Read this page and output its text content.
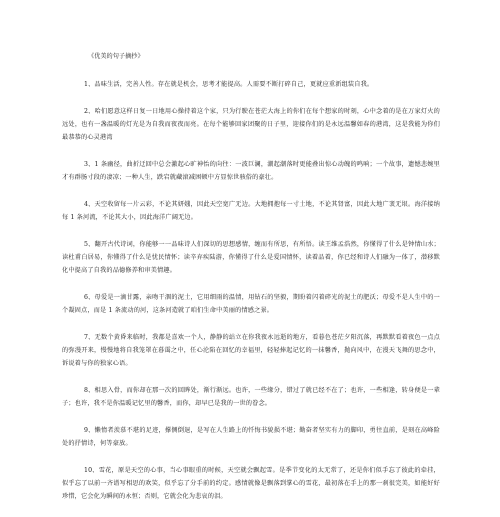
《优美的句子摘抄》

1、品味生活，完善人性。存在就是机会，思考才能提高。人需要不断打碎自己，更就应重新组装自我。

2、哈们愿意这样日复一日地用心操持着这个家，只为行駛在苍茫大海上的你们在每个想家的时刻，心中念着的是在万家灯火的远处，也有一盏温暖的灯光是为自我而夜夜而亮。在每个能够回家团聚的日子里，迎接你们的是永远温馨如春的港湾，这是我能为你们最恭恭的心灵港湾

3、1 条幽径，曲折迂回中总会激起心旷神怡的向往：一波巨澜，潮起潮落时更能叠出惊心动魄的鸣响；一个故事，遗憾悲婉里才有群肠寸段的凄凉；一种人生，跌宕就藏滚减困顿中方显惊世骇俗的豪壮。

4、天空收留每一片云彩，不论其妍媸，因此天空宽广无边。大地拥抱每一寸土地，不论其肾富，因此大地广袤无垠。海洋接纳每 1 条河流，不论其大小，因此海洋广阔无边。

5、翻开古代诗词，你能够一一品味诗人们深切的思想感情，缠而有所思，有所悟。读王维孟浩然，你懂得了什么是钟情山水；读杜甫白居易，你懂得了什么是忧民情怀；读辛弃疾陆游，你懂得了什么是爱国情怀，读着品着，你已经和诗人们融为一体了，潜移默化中提高了自我的品德修养和审美情趣。

6、母爱是一滴甘露，亲吻干涸的泥土，它用细雨的温情，用钻石的坚毅，期盼着闪着碎光的泥土的肥沃；母爱不是人生中的一个凝固点，而是 1 条流动的河，这条河造就了咱们生命中美丽的情感之景。

7、无数个黄昏来临时，我都是喜欢一个人，静静的站立在你我夜永远逝的地方，看暮色苍茫夕阳沉落，再默默看着夜色一点点的弥漫开来，慢慢地将自我笼罩在暮霭之中，任心沦陷在回忆的幸福里，轻轻捧起记忆的一抹馨香，抛向风中，在漫天飞舞的思念中，诉说着与你的独家心语。

8、相思入骨，而你却在那一次的回眸处，渐行渐远。也许，一些缘分，错过了就已经不在了；也许，一些相逢，转身便是一辈子；也许，我不是你温暖记忆里的馨香，而你，却早已是我的一世的眷念。

9、懒惰者羡慕不堪的足迹，撑侧倒退，是写在人生路上的忏悔书貌损不堪；勤奋者坚实有力的脚印，勇往直前，是刻在高峰险处的抒情诗，何等豪放。

10、雪花，原是天空的心事，当心事眼重的时候，天空就会飘起雪。是季节变化的太无常了，还是你们似手忘了彼此的牵挂，似乎忘了以前一齐谱写相思的欢笑，似乎忘了分手前的约定。感情就像是飘落到掌心的雪花，最初落在手上的那一刹很完美，如能好好珍惜，它会化为瞬间的永恒；否则，它就会化为悲哀的泪。
